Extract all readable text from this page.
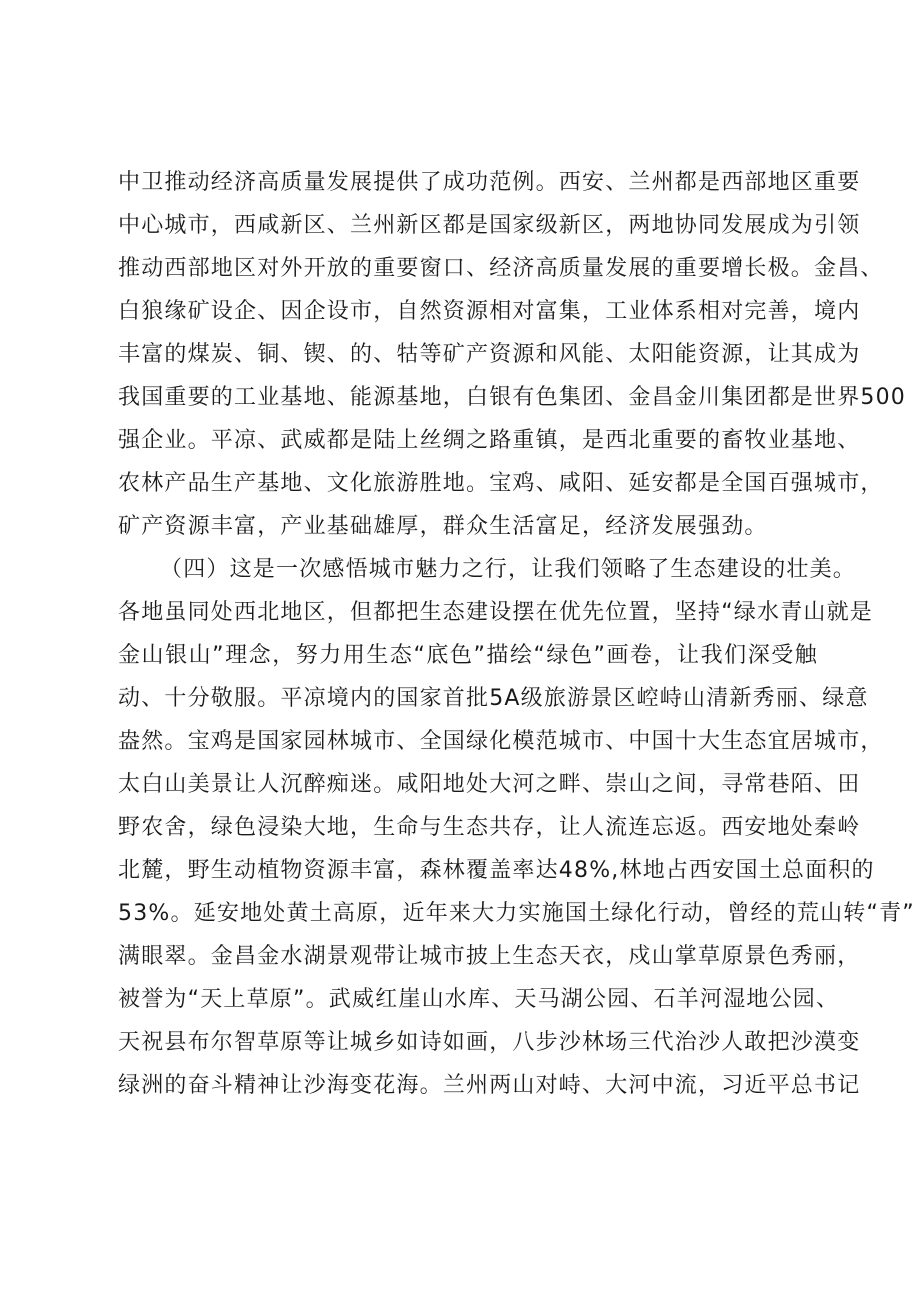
中卫推动经济高质量发展提供了成功范例。西安、兰州都是西部地区重要
中心城市，西咸新区、兰州新区都是国家级新区，两地协同发展成为引领
推动西部地区对外开放的重要窗口、经济高质量发展的重要增长极。金昌、
白狼缘矿设企、因企设市，自然资源相对富集，工业体系相对完善，境内
丰富的煤炭、铜、锲、的、牯等矿产资源和风能、太阳能资源，让其成为
我国重要的工业基地、能源基地，白银有色集团、金昌金川集团都是世界500
强企业。平凉、武威都是陆上丝绸之路重镇，是西北重要的畜牧业基地、
农林产品生产基地、文化旅游胜地。宝鸡、咸阳、延安都是全国百强城市，
矿产资源丰富，产业基础雄厚，群众生活富足，经济发展强劲。
（四）这是一次感悟城市魅力之行，让我们领略了生态建设的壮美。
各地虽同处西北地区，但都把生态建设摆在优先位置，坚持“绿水青山就是
金山银山”理念，努力用生态“底色”描绘“绿色”画卷，让我们深受触
动、十分敬服。平凉境内的国家首批5A级旅游景区崆峙山清新秀丽、绿意
盎然。宝鸡是国家园林城市、全国绿化模范城市、中国十大生态宜居城市，
太白山美景让人沉醉痴迷。咸阳地处大河之畔、崇山之间，寻常巷陌、田
野农舍，绿色浸染大地，生命与生态共存，让人流连忘返。西安地处秦岭
北麓，野生动植物资源丰富，森林覆盖率达48%,林地占西安国土总面积的
53%。延安地处黄土高原，近年来大力实施国土绿化行动，曾经的荒山转“青”
满眼翠。金昌金水湖景观带让城市披上生态天衣，戍山掌草原景色秀丽，
被誉为“天上草原”。武威红崖山水库、天马湖公园、石羊河湿地公园、
天祝县布尔智草原等让城乡如诗如画，八步沙林场三代治沙人敢把沙漠变
绿洲的奋斗精神让沙海变花海。兰州两山对峙、大河中流，习近平总书记
